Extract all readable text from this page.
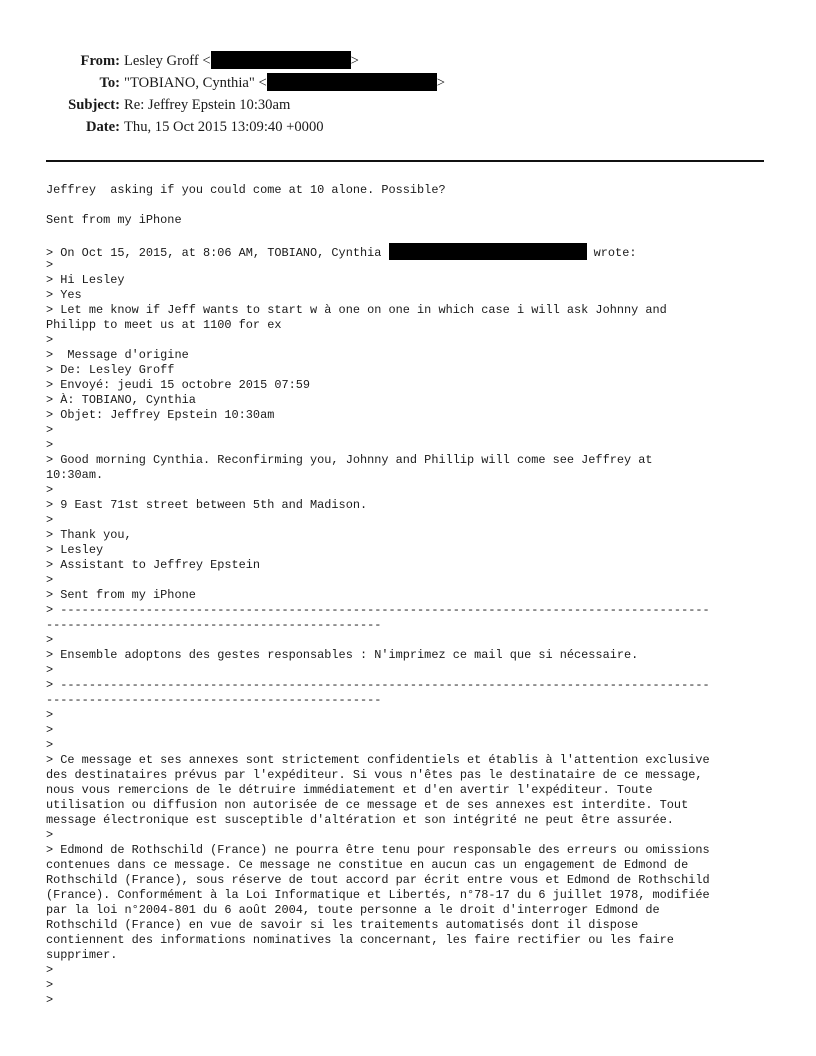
From: Lesley Groff <	>
To: "TOBIANO, Cynthia" <	>
Subject: Re: Jeffrey Epstein 10:30am
Date: Thu, 15 Oct 2015 13:09:40 +0000
Jeffrey  asking if you could come at 10 alone. Possible?
Sent from my iPhone
> On Oct 15, 2015, at 8:06 AM, TOBIANO, Cynthia	wrote:
>
> Hi Lesley
> Yes
> Let me know if Jeff wants to start w à one on one in which case i will ask Johnny and
Philipp to meet us at 1100 for ex
>
>  Message d'origine
> De: Lesley Groff
> Envoyé: jeudi 15 octobre 2015 07:59
> À: TOBIANO, Cynthia
> Objet: Jeffrey Epstein 10:30am
>
>
> Good morning Cynthia. Reconfirming you, Johnny and Phillip will come see Jeffrey at
10:30am.
>
> 9 East 71st street between 5th and Madison.
>
> Thank you,
> Lesley
> Assistant to Jeffrey Epstein
>
> Sent from my iPhone
> -------------------------------------------------------------------------------------------
-----------------------------------------------
>
> Ensemble adoptons des gestes responsables : N'imprimez ce mail que si nécessaire.
>
> -------------------------------------------------------------------------------------------
-----------------------------------------------
>
>
>
> Ce message et ses annexes sont strictement confidentiels et établis à l'attention exclusive
des destinataires prévus par l'expéditeur. Si vous n'êtes pas le destinataire de ce message,
nous vous remercions de le détruire immédiatement et d'en avertir l'expéditeur. Toute
utilisation ou diffusion non autorisée de ce message et de ses annexes est interdite. Tout
message électronique est susceptible d'altération et son intégrité ne peut être assurée.
>
> Edmond de Rothschild (France) ne pourra être tenu pour responsable des erreurs ou omissions
contenues dans ce message. Ce message ne constitue en aucun cas un engagement de Edmond de
Rothschild (France), sous réserve de tout accord par écrit entre vous et Edmond de Rothschild
(France). Conformément à la Loi Informatique et Libertés, n°78-17 du 6 juillet 1978, modifiée
par la loi n°2004-801 du 6 août 2004, toute personne a le droit d'interroger Edmond de
Rothschild (France) en vue de savoir si les traitements automatisés dont il dispose
contiennent des informations nominatives la concernant, les faire rectifier ou les faire
supprimer.
>
>
>
